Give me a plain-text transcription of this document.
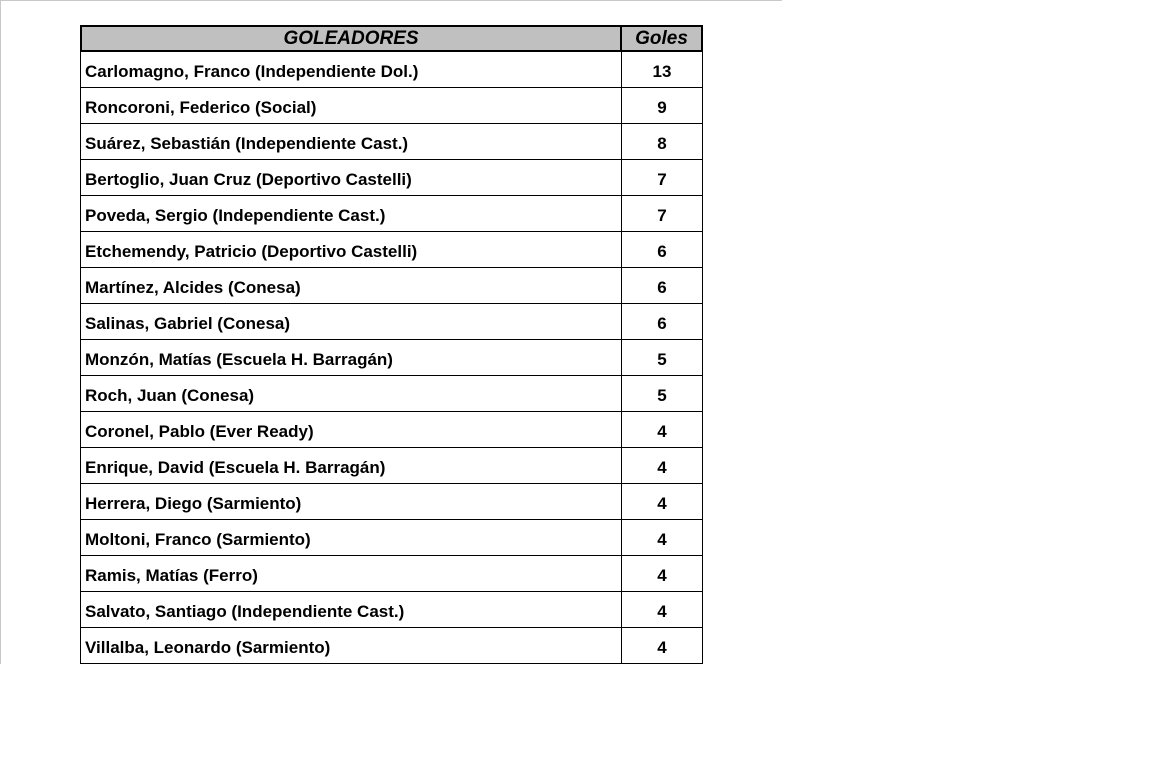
GOLEADORES	Goles
Carlomagno, Franco (Independiente Dol.)	13
Roncoroni, Federico (Social)	9
Suárez, Sebastián (Independiente Cast.)	8
Bertoglio, Juan Cruz (Deportivo Castelli)	7
Poveda, Sergio (Independiente Cast.)	7
Etchemendy, Patricio (Deportivo Castelli)	6
Martínez, Alcides (Conesa)	6
Salinas, Gabriel (Conesa)	6
Monzón, Matías (Escuela H. Barragán)	5
Roch, Juan (Conesa)	5
Coronel, Pablo (Ever Ready)	4
Enrique, David (Escuela H. Barragán)	4
Herrera, Diego (Sarmiento)	4
Moltoni, Franco (Sarmiento)	4
Ramis, Matías (Ferro)	4
Salvato, Santiago (Independiente Cast.)	4
Villalba, Leonardo (Sarmiento)	4
